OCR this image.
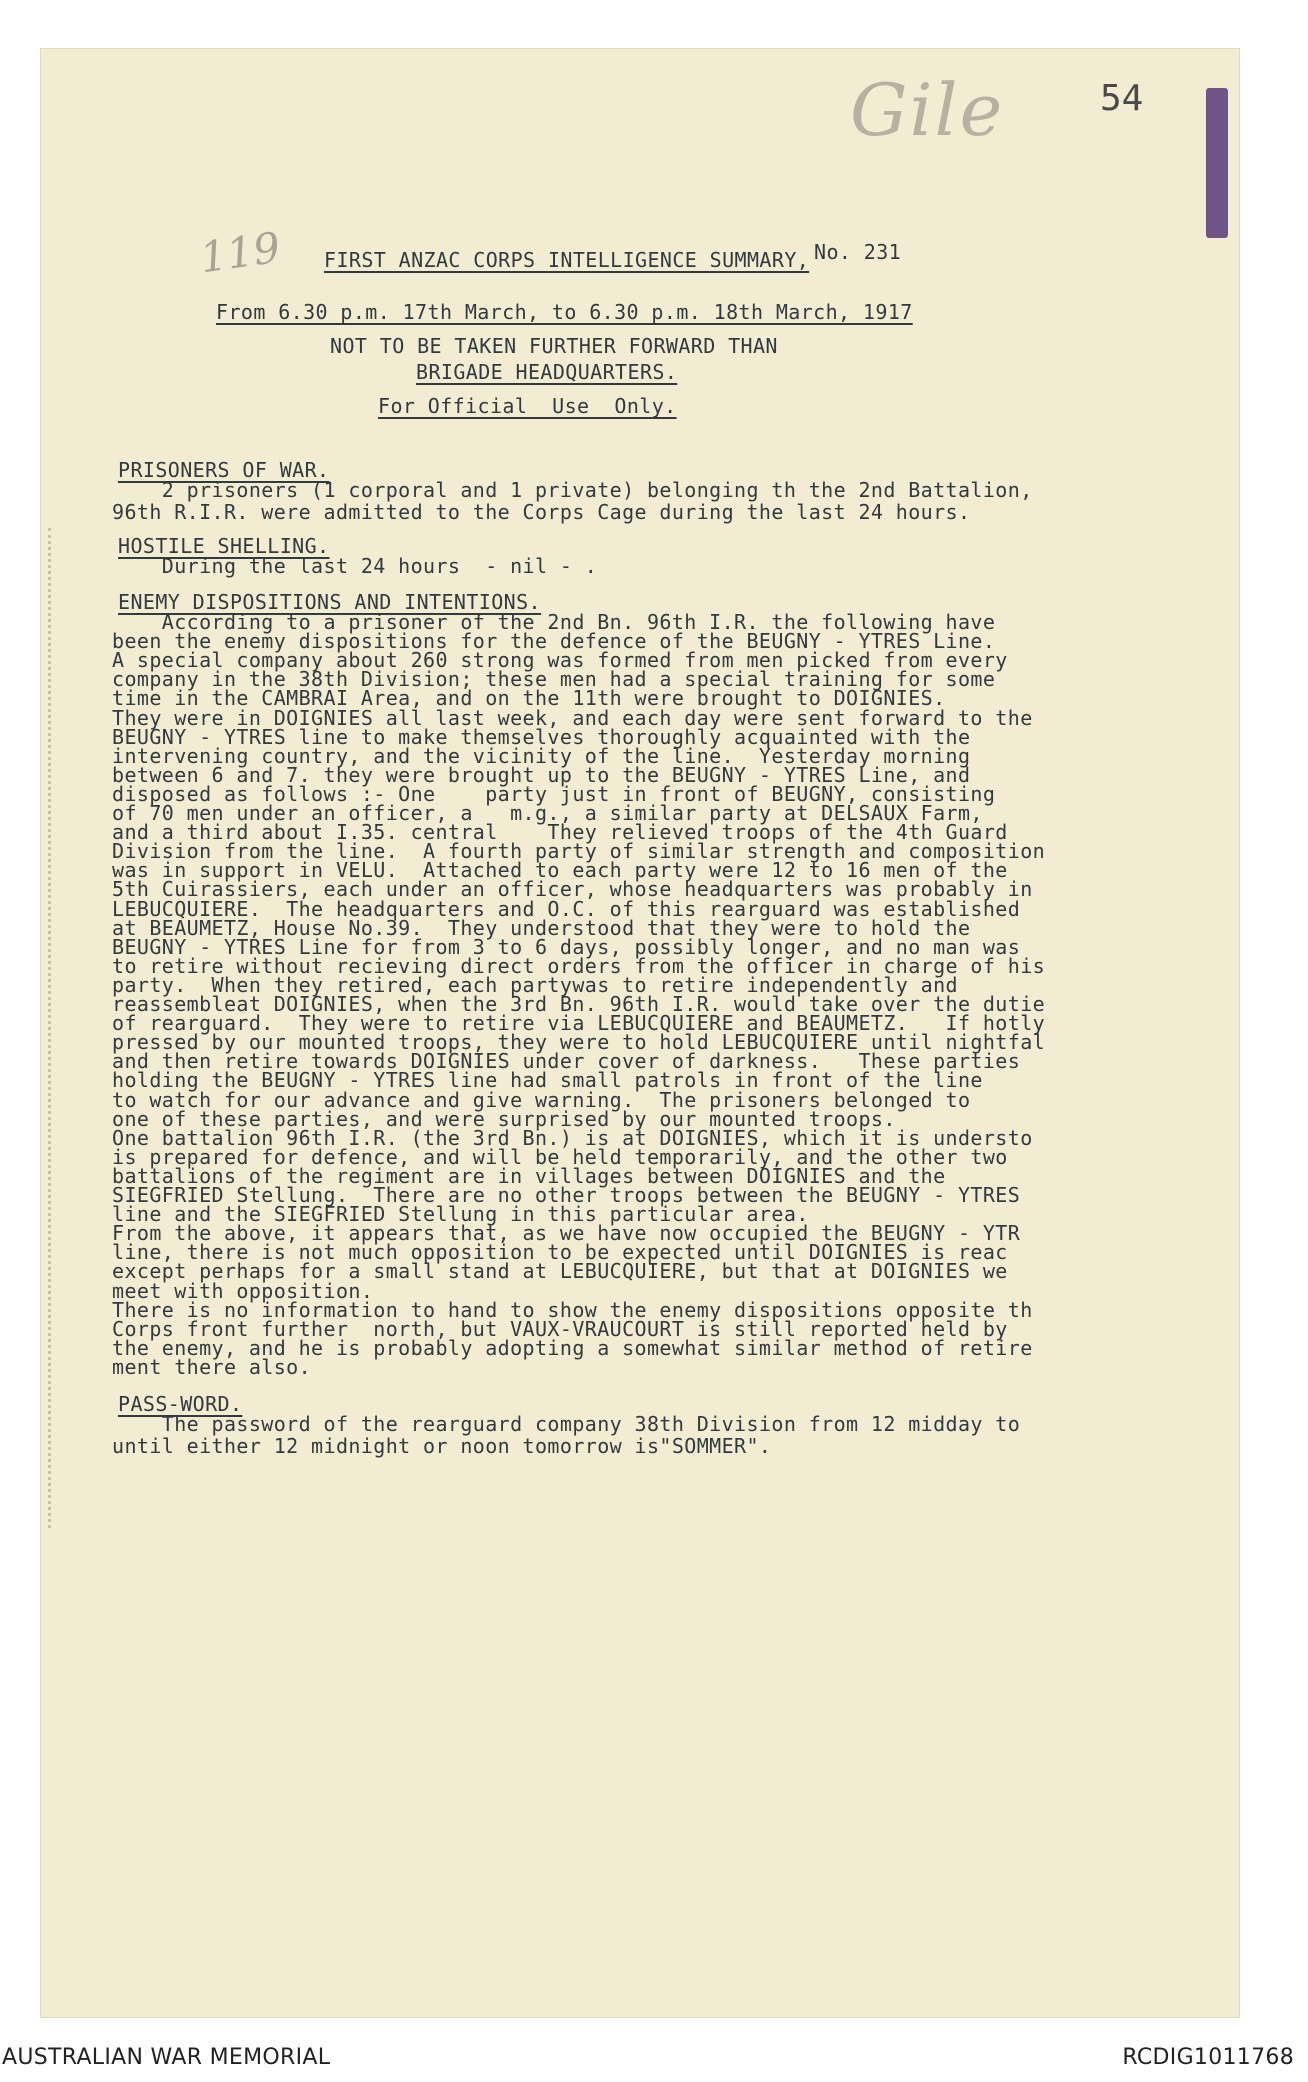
Gile	54
119 FIRST ANZAC CORPS INTELLIGENCE SUMMARY, No. 231
From 6.30 p.m. 17th March, to 6.30 p.m. 18th March, 1917
NOT TO BE TAKEN FURTHER FORWARD THAN
BRIGADE HEADQUARTERS.
For Official  Use  Only.
PRISONERS OF WAR.
2 prisoners (1 corporal and 1 private) belonging th the 2nd Battalion,
96th R.I.R. were admitted to the Corps Cage during the last 24 hours.
HOSTILE SHELLING.
During the last 24 hours  - nil - .
ENEMY DISPOSITIONS AND INTENTIONS.
According to a prisoner of the 2nd Bn. 96th I.R. the following have
been the enemy dispositions for the defence of the BEUGNY - YTRES Line.
A special company about 260 strong was formed from men picked from every
company in the 38th Division; these men had a special training for some
time in the CAMBRAI Area, and on the 11th were brought to DOIGNIES.
They were in DOIGNIES all last week, and each day were sent forward to the
BEUGNY - YTRES line to make themselves thoroughly acquainted with the
intervening country, and the vicinity of the line.  Yesterday morning
between 6 and 7. they were brought up to the BEUGNY - YTRES Line, and
disposed as follows :- One    party just in front of BEUGNY, consisting
of 70 men under an officer, a   m.g., a similar party at DELSAUX Farm,
and a third about I.35. central    They relieved troops of the 4th Guard
Division from the line.  A fourth party of similar strength and composition
was in support in VELU.  Attached to each party were 12 to 16 men of the
5th Cuirassiers, each under an officer, whose headquarters was probably in
LEBUCQUIERE.  The headquarters and O.C. of this rearguard was established
at BEAUMETZ, House No.39.  They understood that they were to hold the
BEUGNY - YTRES Line for from 3 to 6 days, possibly longer, and no man was
to retire without recieving direct orders from the officer in charge of his
party.  When they retired, each partywas to retire independently and
reassembleat DOIGNIES, when the 3rd Bn. 96th I.R. would take over the dutie
of rearguard.  They were to retire via LEBUCQUIERE and BEAUMETZ.   If hotly
pressed by our mounted troops, they were to hold LEBUCQUIERE until nightfal
and then retire towards DOIGNIES under cover of darkness.   These parties
holding the BEUGNY - YTRES line had small patrols in front of the line
to watch for our advance and give warning.  The prisoners belonged to
one of these parties, and were surprised by our mounted troops.
One battalion 96th I.R. (the 3rd Bn.) is at DOIGNIES, which it is understo
is prepared for defence, and will be held temporarily, and the other two
battalions of the regiment are in villages between DOIGNIES and the
SIEGFRIED Stellung.  There are no other troops between the BEUGNY - YTRES
line and the SIEGFRIED Stellung in this particular area.
From the above, it appears that, as we have now occupied the BEUGNY - YTR
line, there is not much opposition to be expected until DOIGNIES is reac
except perhaps for a small stand at LEBUCQUIERE, but that at DOIGNIES we
meet with opposition.
There is no information to hand to show the enemy dispositions opposite th
Corps front further  north, but VAUX-VRAUCOURT is still reported held by
the enemy, and he is probably adopting a somewhat similar method of retire
ment there also.
PASS-WORD.
The password of the rearguard company 38th Division from 12 midday to
until either 12 midnight or noon tomorrow is"SOMMER".
AUSTRALIAN WAR MEMORIAL	RCDIG1011768
